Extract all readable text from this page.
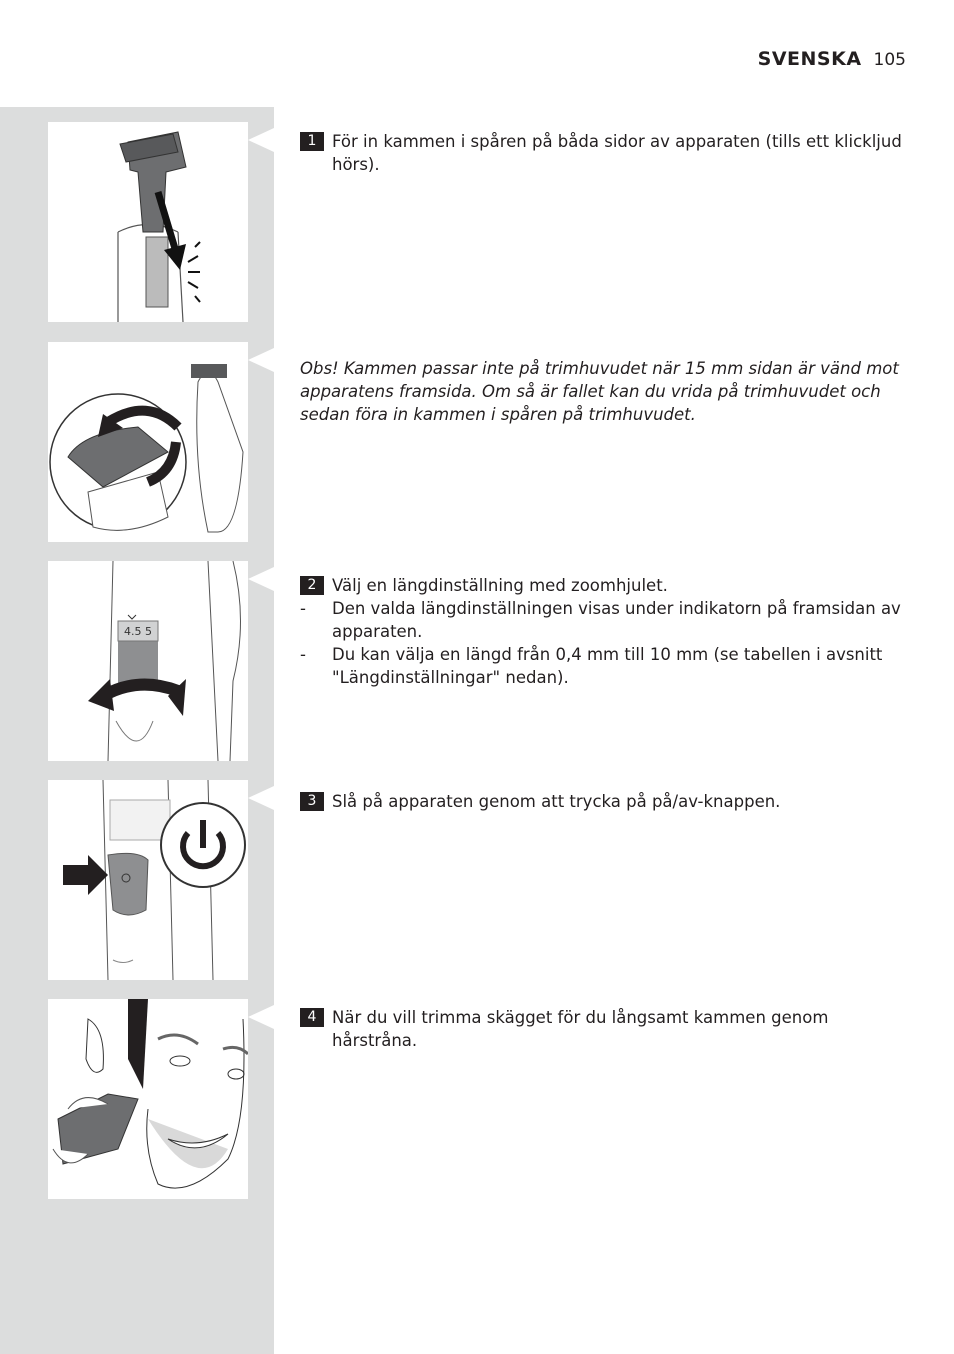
SVENSKA 105
4.5 5
1 För in kammen i spåren på båda sidor av apparaten (tills ett klickljud hörs).
Obs! Kammen passar inte på trimhuvudet när 15 mm sidan är vänd mot apparatens framsida. Om så är fallet kan du vrida på trimhuvudet och sedan föra in kammen i spåren på trimhuvudet.
2 Välj en längdinställning med zoomhjulet.
-	Den valda längdinställningen visas under indikatorn på framsidan av apparaten.
-	Du kan välja en längd från 0,4 mm till 10 mm (se tabellen i avsnitt "Längdinställningar" nedan).
3 Slå på apparaten genom att trycka på på/av-knappen.
4 När du vill trimma skägget för du långsamt kammen genom hårstråna.
